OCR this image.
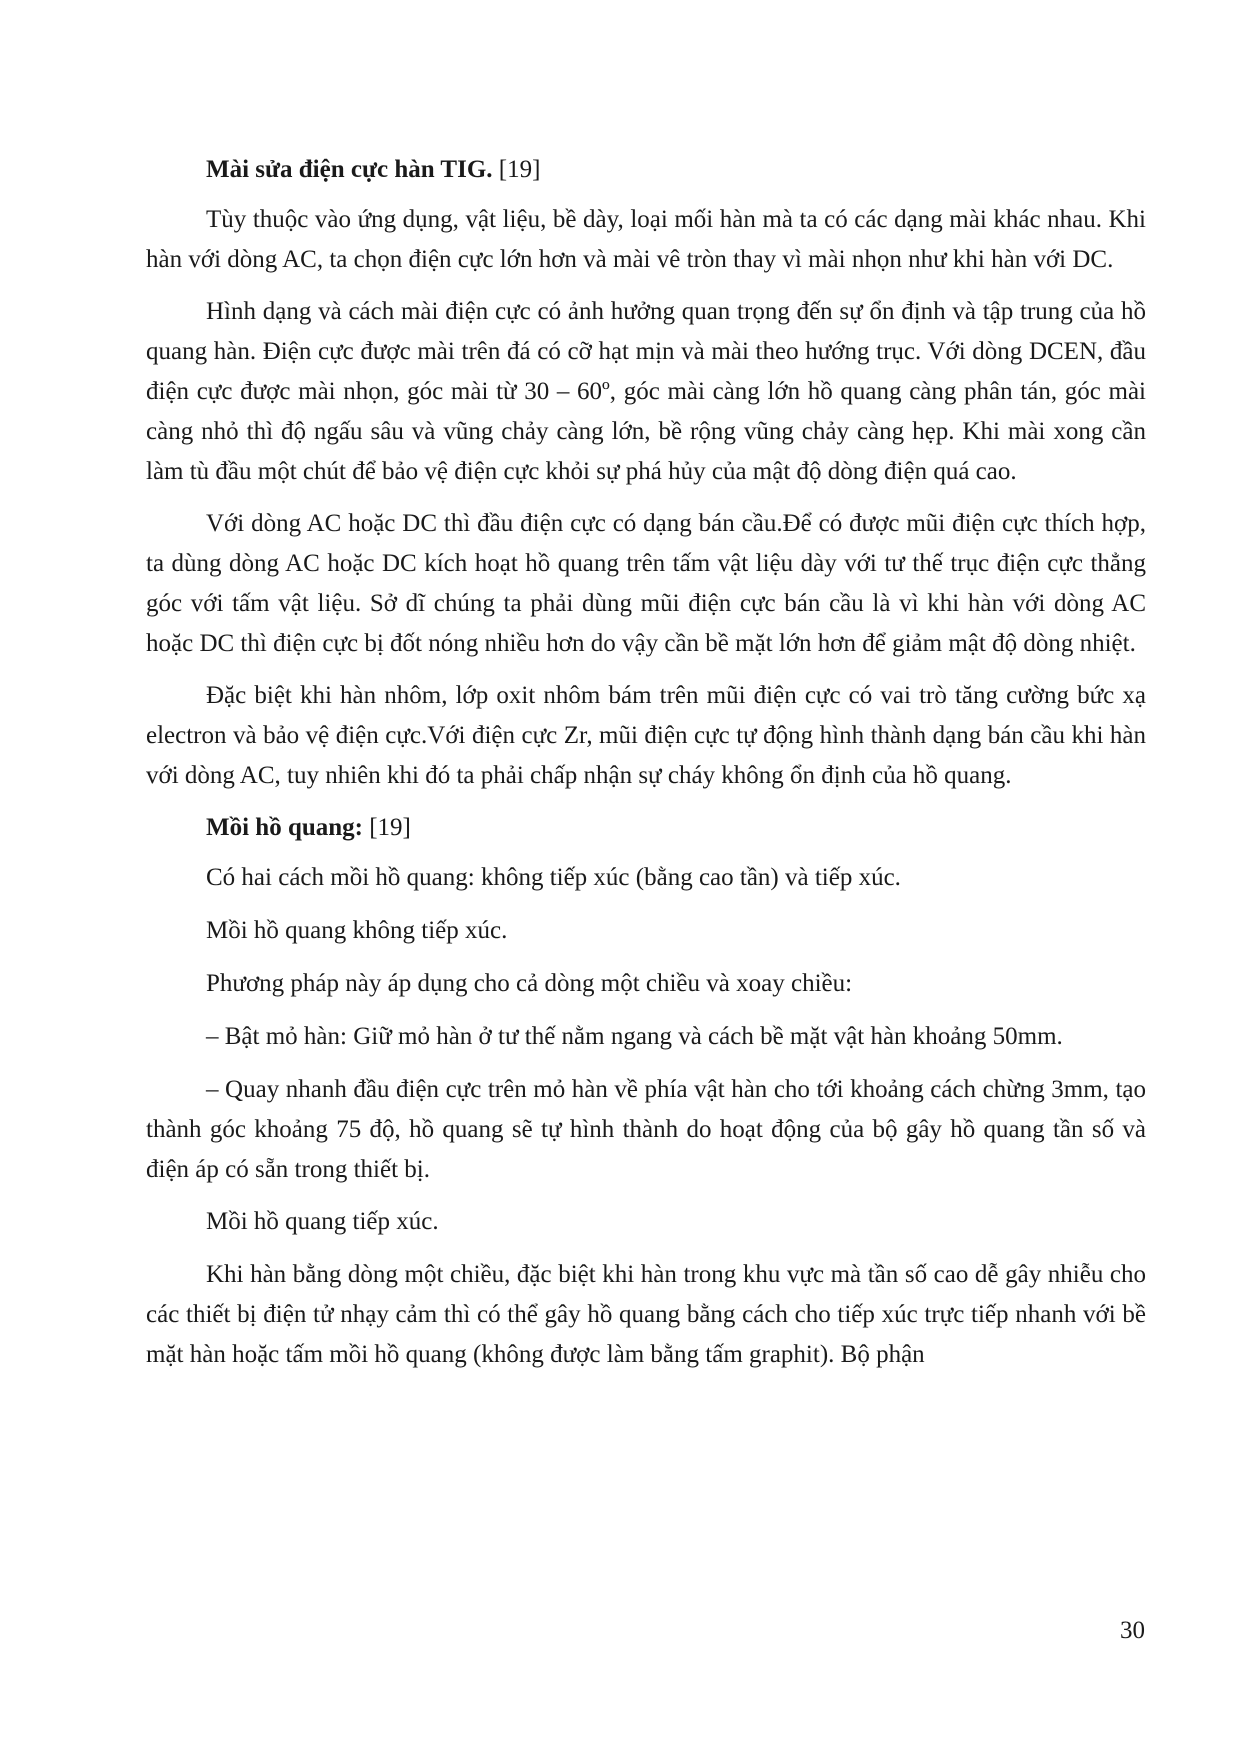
Mài sửa điện cực hàn TIG. [19]

Tùy thuộc vào ứng dụng, vật liệu, bề dày, loại mối hàn mà ta có các dạng mài khác nhau. Khi hàn với dòng AC, ta chọn điện cực lớn hơn và mài vê tròn thay vì mài nhọn như khi hàn với DC.

Hình dạng và cách mài điện cực có ảnh hưởng quan trọng đến sự ổn định và tập trung của hồ quang hàn. Điện cực được mài trên đá có cỡ hạt mịn và mài theo hướng trục. Với dòng DCEN, đầu điện cực được mài nhọn, góc mài từ 30 – 60º, góc mài càng lớn hồ quang càng phân tán, góc mài càng nhỏ thì độ ngấu sâu và vũng chảy càng lớn, bề rộng vũng chảy càng hẹp. Khi mài xong cần làm tù đầu một chút để bảo vệ điện cực khỏi sự phá hủy của mật độ dòng điện quá cao.

Với dòng AC hoặc DC thì đầu điện cực có dạng bán cầu.Để có được mũi điện cực thích hợp, ta dùng dòng AC hoặc DC kích hoạt hồ quang trên tấm vật liệu dày với tư thế trục điện cực thẳng góc với tấm vật liệu. Sở dĩ chúng ta phải dùng mũi điện cực bán cầu là vì khi hàn với dòng AC hoặc DC thì điện cực bị đốt nóng nhiều hơn do vậy cần bề mặt lớn hơn để giảm mật độ dòng nhiệt.

Đặc biệt khi hàn nhôm, lớp oxit nhôm bám trên mũi điện cực có vai trò tăng cường bức xạ electron và bảo vệ điện cực.Với điện cực Zr, mũi điện cực tự động hình thành dạng bán cầu khi hàn với dòng AC, tuy nhiên khi đó ta phải chấp nhận sự cháy không ổn định của hồ quang.

Mồi hồ quang: [19]
Có hai cách mồi hồ quang: không tiếp xúc (bằng cao tần) và tiếp xúc.
Mồi hồ quang không tiếp xúc.
Phương pháp này áp dụng cho cả dòng một chiều và xoay chiều:
– Bật mỏ hàn: Giữ mỏ hàn ở tư thế nằm ngang và cách bề mặt vật hàn khoảng 50mm.

– Quay nhanh đầu điện cực trên mỏ hàn về phía vật hàn cho tới khoảng cách chừng 3mm, tạo thành góc khoảng 75 độ, hồ quang sẽ tự hình thành do hoạt động của bộ gây hồ quang tần số và điện áp có sẵn trong thiết bị.

Mồi hồ quang tiếp xúc.

Khi hàn bằng dòng một chiều, đặc biệt khi hàn trong khu vực mà tần số cao dễ gây nhiễu cho các thiết bị điện tử nhạy cảm thì có thể gây hồ quang bằng cách cho tiếp xúc trực tiếp nhanh với bề mặt hàn hoặc tấm mồi hồ quang (không được làm bằng tấm graphit). Bộ phận

30
